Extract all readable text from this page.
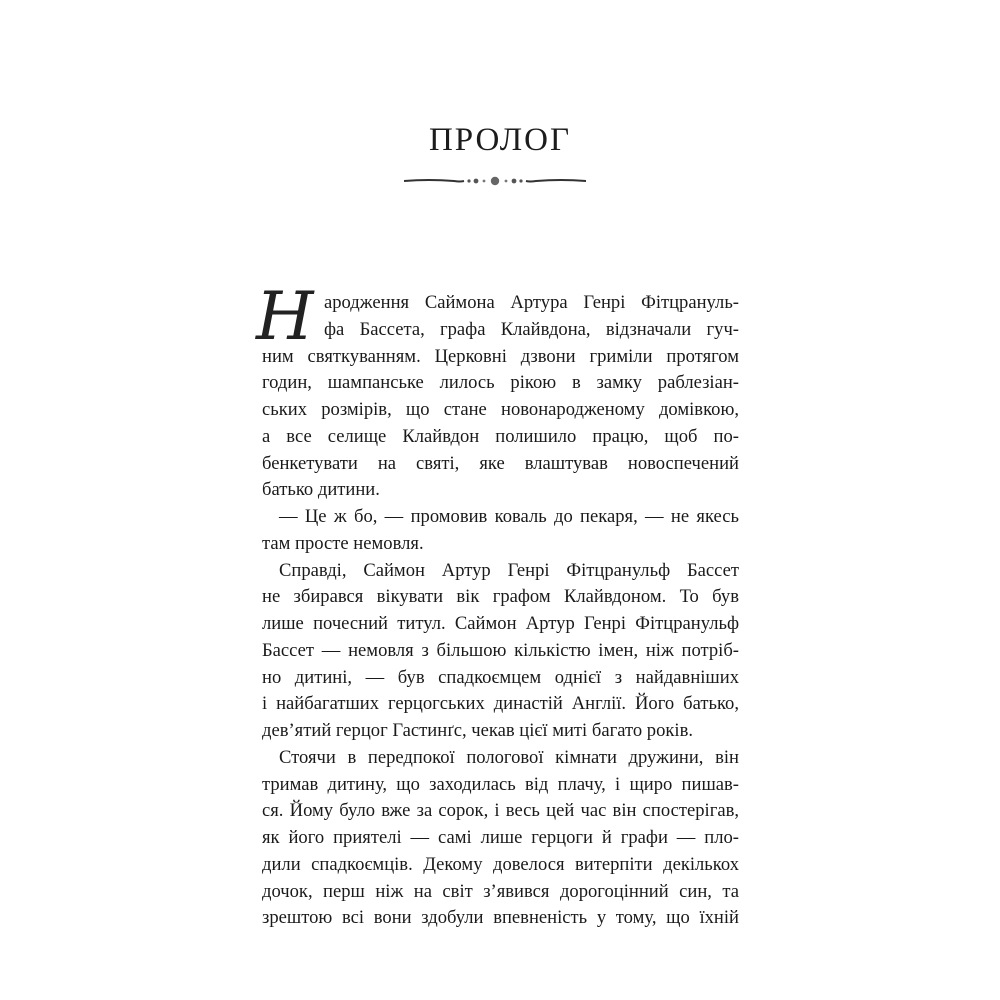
ПРОЛОГ
Н ародження Саймона Артура Генрі Фітцрануль-
фа Бассета, графа Клайвдона, відзначали гуч-
ним святкуванням. Церковні дзвони гриміли протягом
годин, шампанське лилось рікою в замку раблезіан-
ських розмірів, що стане новонародженому домівкою,
а все селище Клайвдон полишило працю, щоб по-
бенкетувати на святі, яке влаштував новоспечений
батько дитини.

— Це ж бо, — промовив коваль до пекаря, — не якесь
там просте немовля.

Справді, Саймон Артур Генрі Фітцранульф Бассет
не збирався вікувати вік графом Клайвдоном. То був
лише почесний титул. Саймон Артур Генрі Фітцранульф
Бассет — немовля з більшою кількістю імен, ніж потріб-
но дитині, — був спадкоємцем однієї з найдавніших
і найбагатших герцогських династій Англії. Його батько,
дев’ятий герцог Гастинґс, чекав цієї миті багато років.

Стоячи в передпокої пологової кімнати дружини, він
тримав дитину, що заходилась від плачу, і щиро пишав-
ся. Йому було вже за сорок, і весь цей час він спостерігав,
як його приятелі — самі лише герцоги й графи — пло-
дили спадкоємців. Декому довелося витерпіти декількох
дочок, перш ніж на світ з’явився дорогоцінний син, та
зрештою всі вони здобули впевненість у тому, що їхній
